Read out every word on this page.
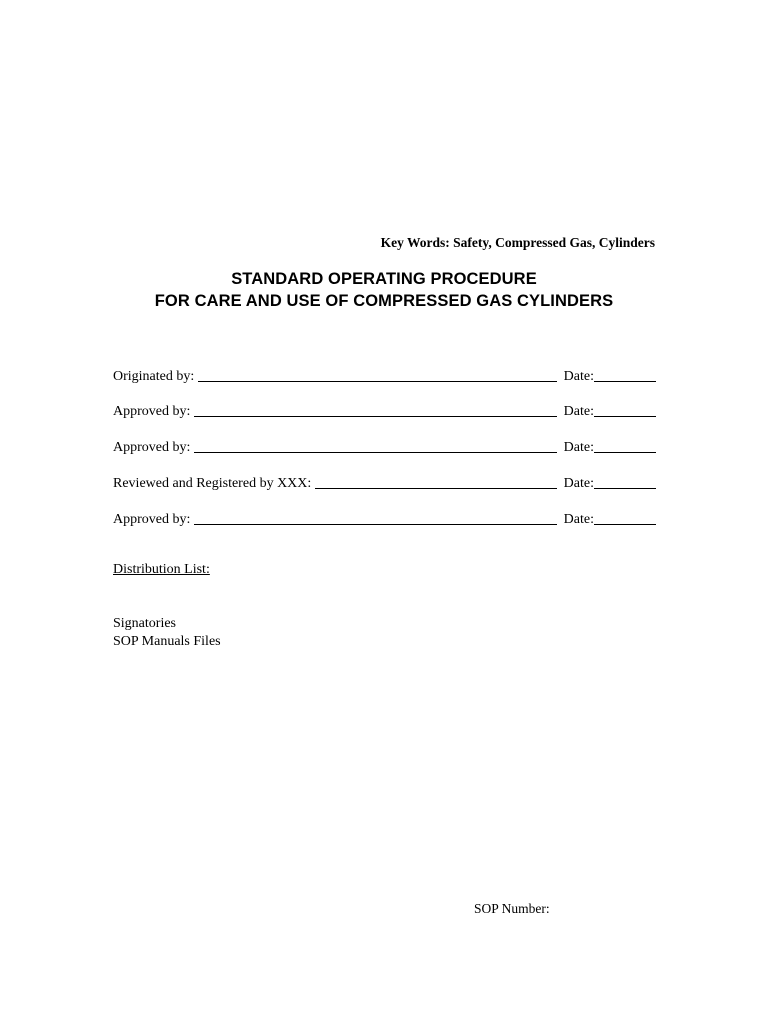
Key Words: Safety, Compressed Gas, Cylinders
STANDARD OPERATING PROCEDURE
FOR CARE AND USE OF COMPRESSED GAS CYLINDERS
Originated by:	Date:
Approved by:	Date:
Approved by:	Date:
Reviewed and Registered by XXX:	Date:
Approved by:	Date:
Distribution List:
Signatories
SOP Manuals Files
SOP Number:
